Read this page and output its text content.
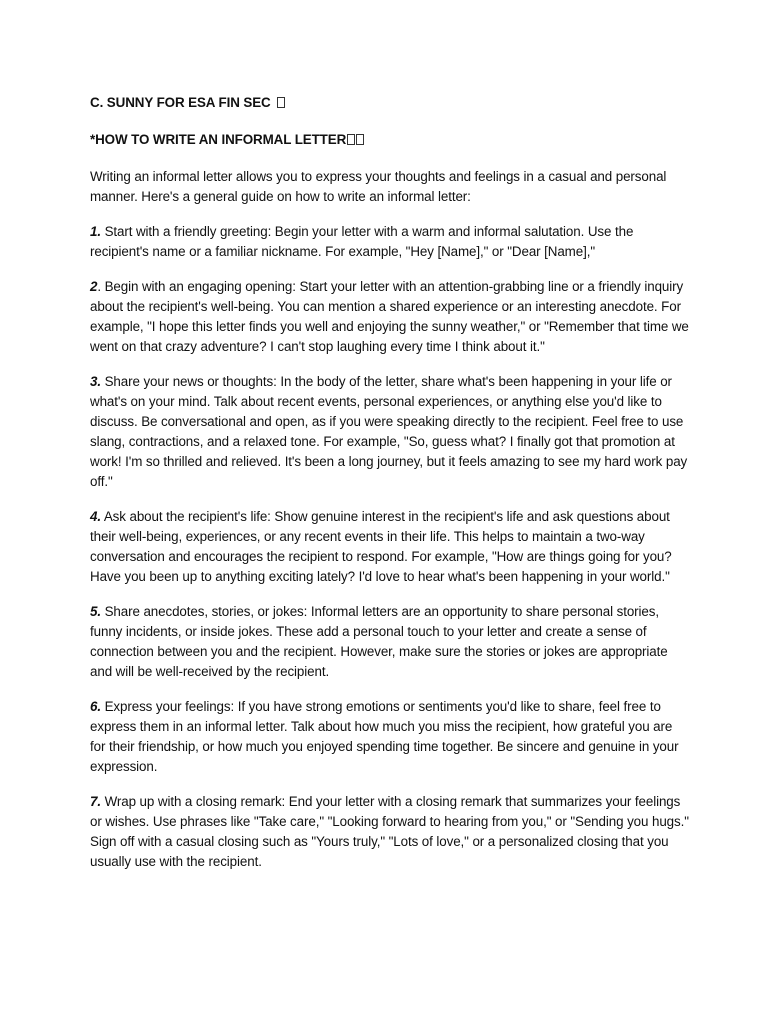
C. SUNNY FOR ESA FIN SEC
*HOW TO WRITE AN INFORMAL LETTER

Writing an informal letter allows you to express your thoughts and feelings in a casual and personal manner. Here's a general guide on how to write an informal letter:

1. Start with a friendly greeting: Begin your letter with a warm and informal salutation. Use the recipient's name or a familiar nickname. For example, "Hey [Name]," or "Dear [Name],"

2. Begin with an engaging opening: Start your letter with an attention-grabbing line or a friendly inquiry about the recipient's well-being. You can mention a shared experience or an interesting anecdote. For example, "I hope this letter finds you well and enjoying the sunny weather," or "Remember that time we went on that crazy adventure? I can't stop laughing every time I think about it."

3. Share your news or thoughts: In the body of the letter, share what's been happening in your life or what's on your mind. Talk about recent events, personal experiences, or anything else you'd like to discuss. Be conversational and open, as if you were speaking directly to the recipient. Feel free to use slang, contractions, and a relaxed tone. For example, "So, guess what? I finally got that promotion at work! I'm so thrilled and relieved. It's been a long journey, but it feels amazing to see my hard work pay off."

4. Ask about the recipient's life: Show genuine interest in the recipient's life and ask questions about their well-being, experiences, or any recent events in their life. This helps to maintain a two-way conversation and encourages the recipient to respond. For example, "How are things going for you? Have you been up to anything exciting lately? I'd love to hear what's been happening in your world."

5. Share anecdotes, stories, or jokes: Informal letters are an opportunity to share personal stories, funny incidents, or inside jokes. These add a personal touch to your letter and create a sense of connection between you and the recipient. However, make sure the stories or jokes are appropriate and will be well-received by the recipient.

6. Express your feelings: If you have strong emotions or sentiments you'd like to share, feel free to express them in an informal letter. Talk about how much you miss the recipient, how grateful you are for their friendship, or how much you enjoyed spending time together. Be sincere and genuine in your expression.

7. Wrap up with a closing remark: End your letter with a closing remark that summarizes your feelings or wishes. Use phrases like "Take care," "Looking forward to hearing from you," or "Sending you hugs." Sign off with a casual closing such as "Yours truly," "Lots of love," or a personalized closing that you usually use with the recipient.
